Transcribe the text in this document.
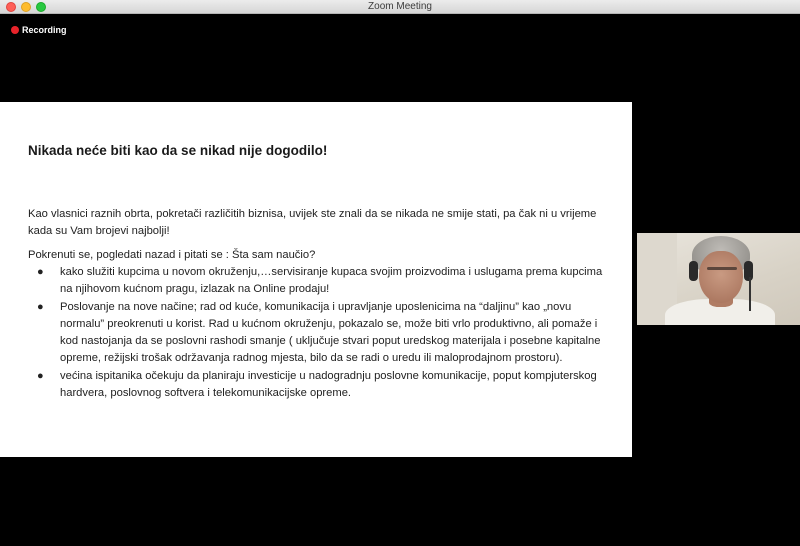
Zoom Meeting
Recording
Nikada neće biti kao da se nikad nije dogodilo!
Kao vlasnici raznih obrta, pokretači različitih biznisa, uvijek ste znali da se nikada ne smije stati, pa čak ni u vrijeme kada su Vam brojevi najbolji!
Pokrenuti se, pogledati nazad i pitati se : Šta sam naučio?
● kako služiti kupcima u novom okruženju,…servisiranje kupaca svojim proizvodima i uslugama prema kupcima na njihovom kućnom pragu, izlazak na Online prodaju!
● Poslovanje na nove načine; rad od kuće, komunikacija i upravljanje uposlenicima na “daljinu” kao „novu normalu” preokrenuti u korist. Rad u kućnom okruženju, pokazalo se, može biti vrlo produktivno, ali pomaže i kod nastojanja da se poslovni rashodi smanje ( uključuje stvari poput uredskog materijala i posebne kapitalne opreme, režijski trošak održavanja radnog mjesta, bilo da se radi o uredu ili maloprodajnom prostoru).
● većina ispitanika očekuju da planiraju investicije u nadogradnju poslovne komunikacije, poput kompjuterskog hardvera, poslovnog softvera i telekomunikacijske opreme.
